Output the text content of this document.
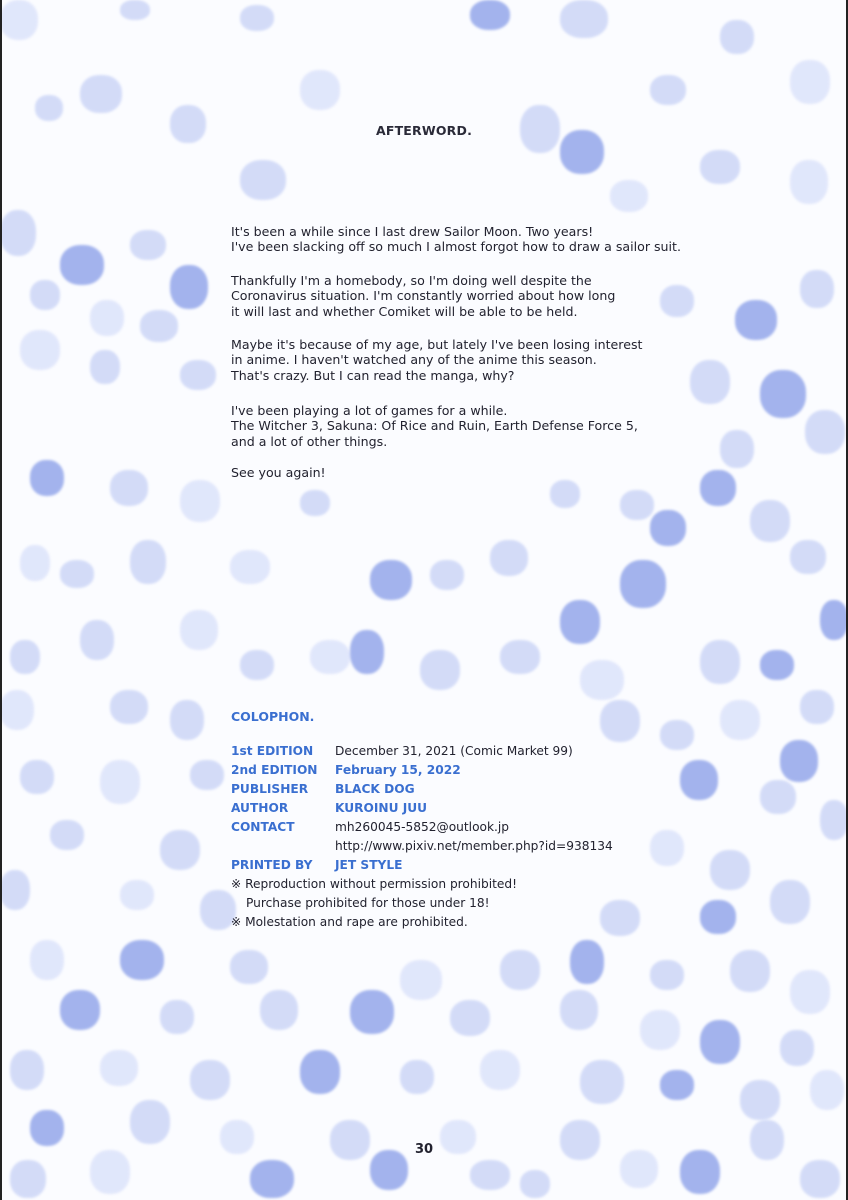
AFTERWORD.
It's been a while since I last drew Sailor Moon. Two years!
I've been slacking off so much I almost forgot how to draw a sailor suit.
Thankfully I'm a homebody, so I'm doing well despite the
Coronavirus situation. I'm constantly worried about how long
it will last and whether Comiket will be able to be held.
Maybe it's because of my age, but lately I've been losing interest
in anime. I haven't watched any of the anime this season.
That's crazy. But I can read the manga, why?
I've been playing a lot of games for a while.
The Witcher 3, Sakuna: Of Rice and Ruin, Earth Defense Force 5,
and a lot of other things.
See you again!
COLOPHON.
1st EDITION	December 31, 2021 (Comic Market 99)
2nd EDITION	February 15, 2022
PUBLISHER	BLACK DOG
AUTHOR	KUROINU JUU
CONTACT	mh260045-5852@outlook.jp
http://www.pixiv.net/member.php?id=938134
PRINTED BY	JET STYLE
※ Reproduction without permission prohibited!
Purchase prohibited for those under 18!
※ Molestation and rape are prohibited.
30
